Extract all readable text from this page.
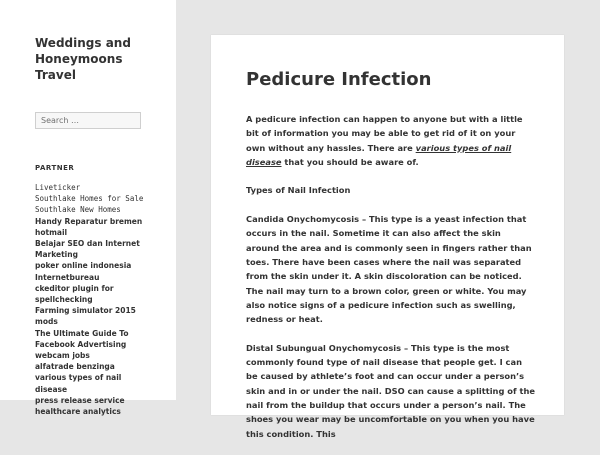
Weddings and Honeymoons Travel
Search …
PARTNER
Liveticker
Southlake Homes for Sale
Southlake New Homes
Handy Reparatur bremen
hotmail
Belajar SEO dan Internet
Marketing
poker online indonesia
Internetbureau
ckeditor plugin for
spellchecking
Farming simulator 2015
mods
The Ultimate Guide To
Facebook Advertising
webcam jobs
alfatrade benzinga
various types of nail
disease
press release service
healthcare analytics
Pedicure Infection

A pedicure infection can happen to anyone but with a little bit of information you may be able to get rid of it on your own without any hassles. There are various types of nail disease that you should be aware of.

Types of Nail Infection

Candida Onychomycosis – This type is a yeast infection that occurs in the nail. Sometime it can also affect the skin around the area and is commonly seen in fingers rather than toes. There have been cases where the nail was separated from the skin under it. A skin discoloration can be noticed. The nail may turn to a brown color, green or white. You may also notice signs of a pedicure infection such as swelling, redness or heat.

Distal Subungual Onychomycosis – This type is the most commonly found type of nail disease that people get. I can be caused by athlete’s foot and can occur under a person’s skin and in or under the nail. DSO can cause a splitting of the nail from the buildup that occurs under a person’s nail. The shoes you wear may be uncomfortable on you when you have this condition. This
